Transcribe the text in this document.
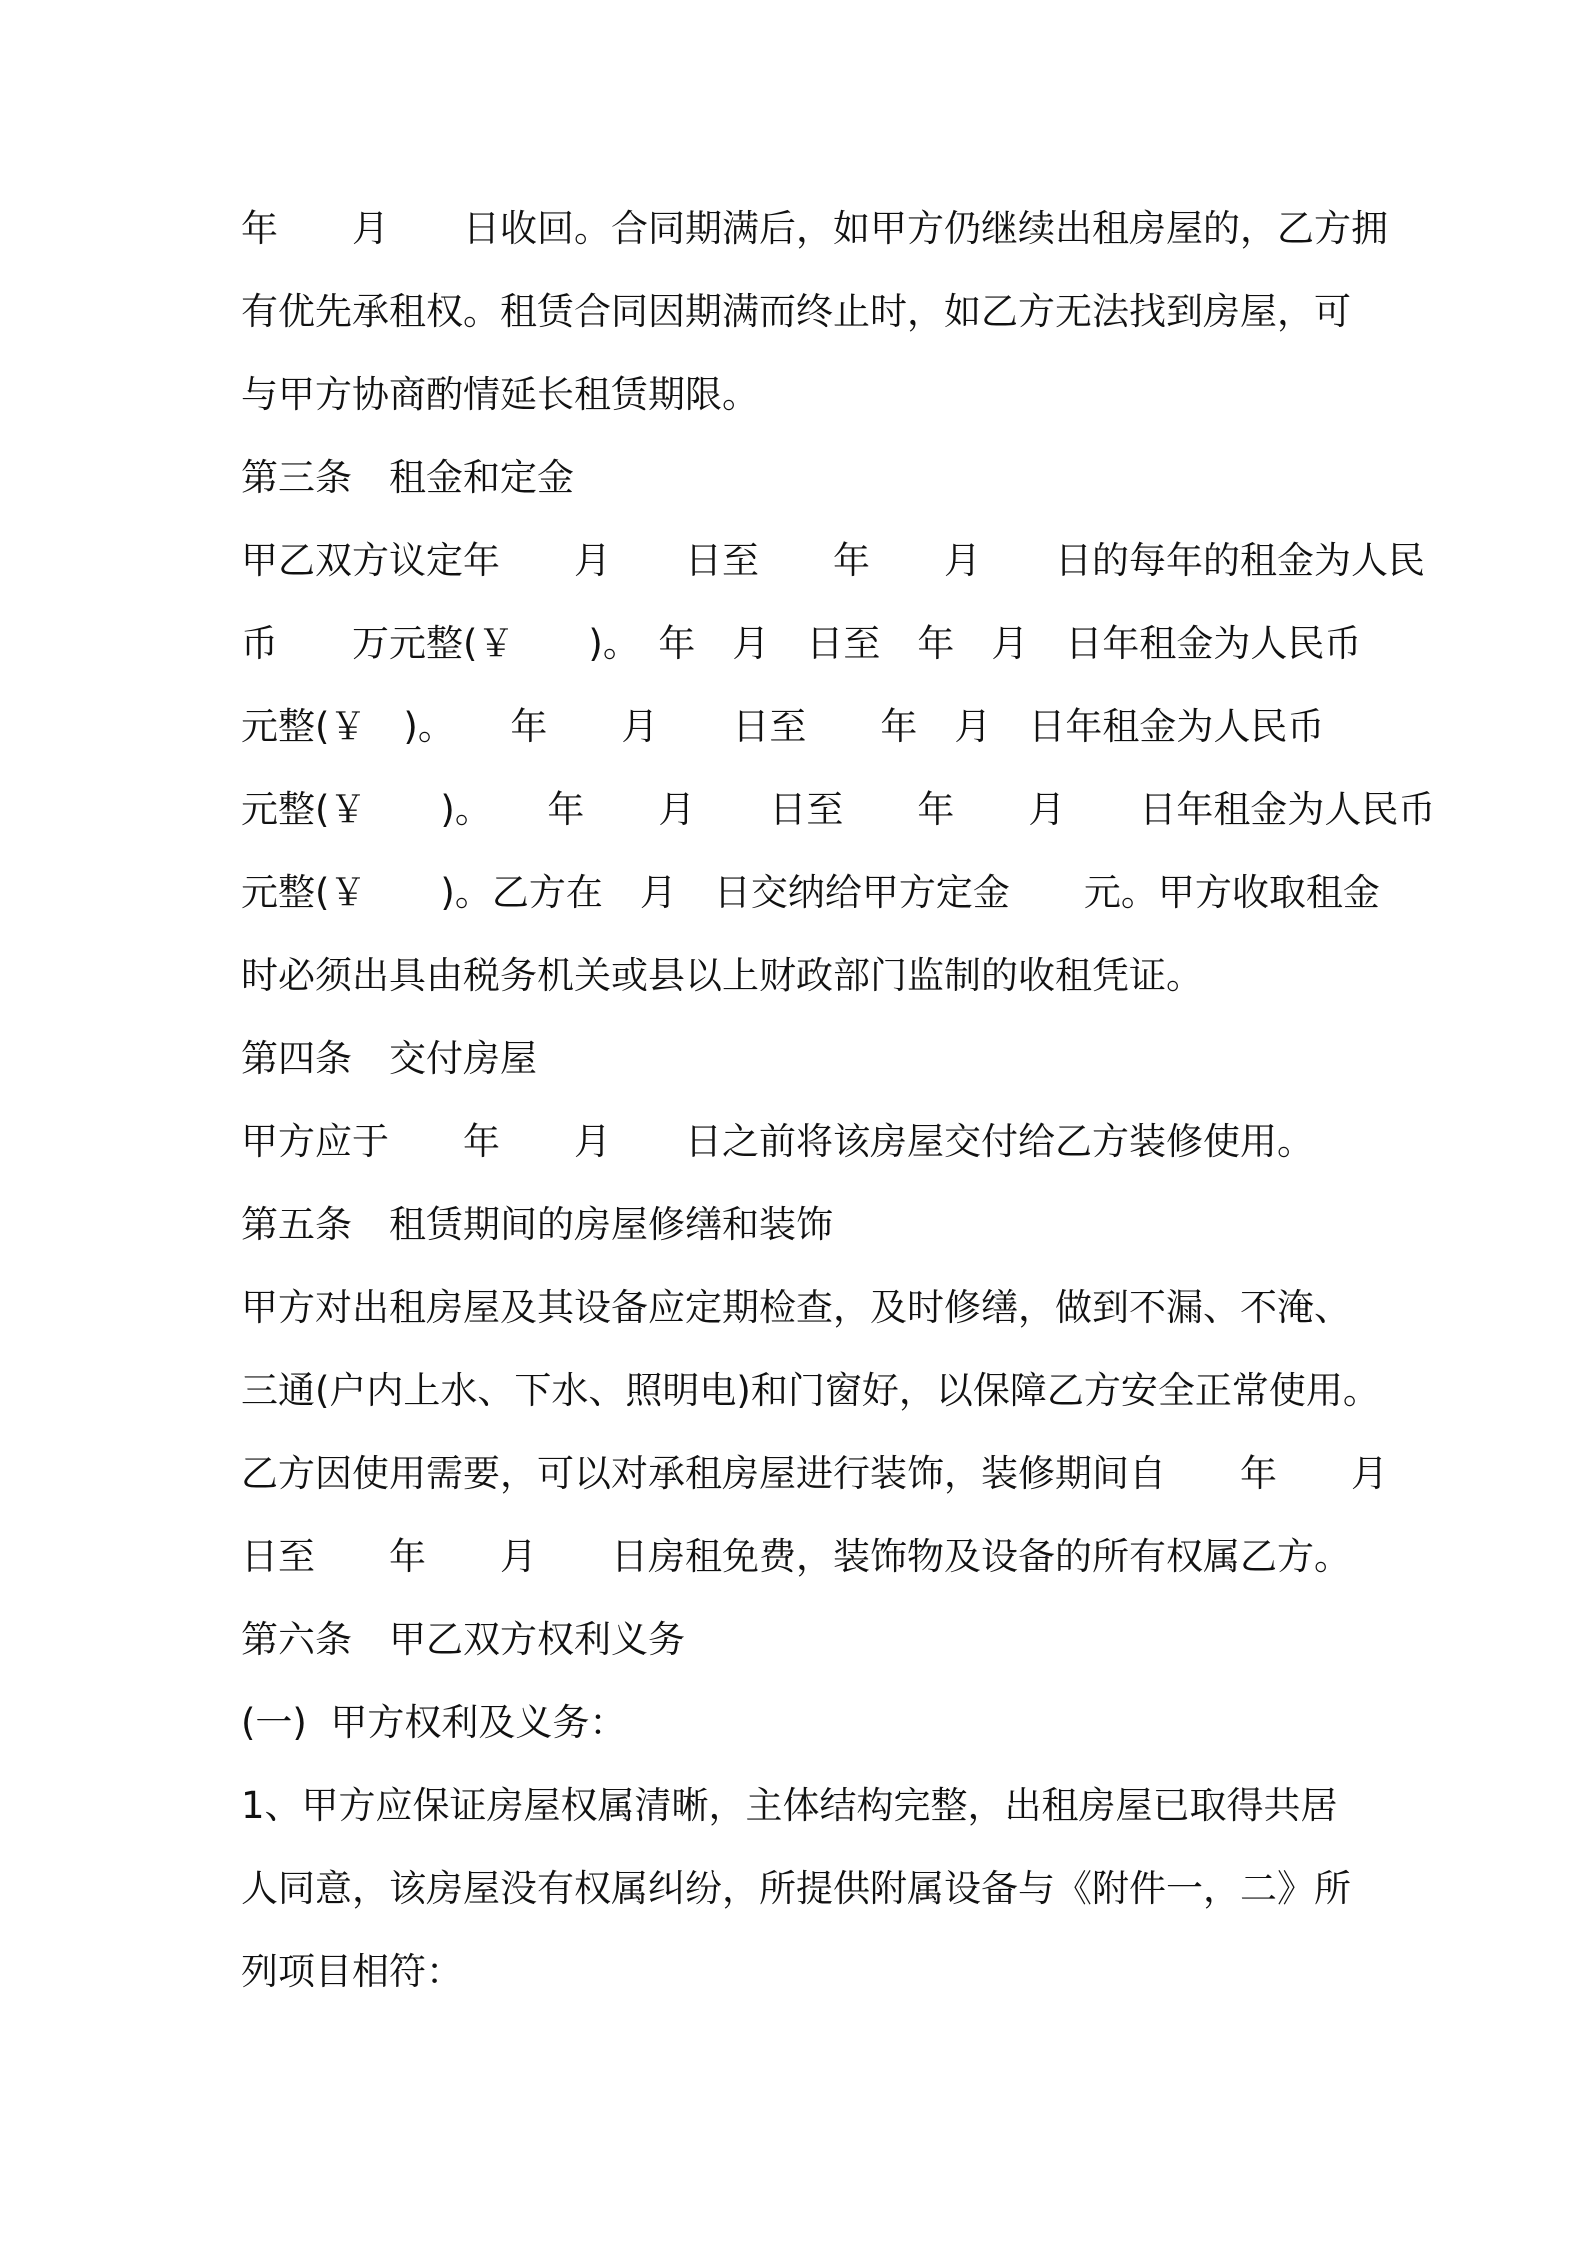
年　　月　　日收回。合同期满后，如甲方仍继续出租房屋的，乙方拥
有优先承租权。租赁合同因期满而终止时，如乙方无法找到房屋，可
与甲方协商酌情延长租赁期限。
第三条　租金和定金
甲乙双方议定年　　月　　日至　　年　　月　　日的每年的租金为人民
币　　万元整(￥　　)。　年　月　日至　年　月　日年租金为人民币
元整(￥　)。　　年　　月　　日至　　年　月　日年租金为人民币
元整(￥　　)。　　年　　月　　日至　　年　　月　　日年租金为人民币
元整(￥　　)。乙方在　月　日交纳给甲方定金　　元。甲方收取租金
时必须出具由税务机关或县以上财政部门监制的收租凭证。
第四条　交付房屋
甲方应于　　年　　月　　日之前将该房屋交付给乙方装修使用。
第五条　租赁期间的房屋修缮和装饰
甲方对出租房屋及其设备应定期检查，及时修缮，做到不漏、不淹、
三通(户内上水、下水、照明电)和门窗好，以保障乙方安全正常使用。
乙方因使用需要，可以对承租房屋进行装饰，装修期间自　　年　　月
日至　　年　　月　　日房租免费，装饰物及设备的所有权属乙方。
第六条　甲乙双方权利义务
(一)  甲方权利及义务：
1、甲方应保证房屋权属清晰，主体结构完整，出租房屋已取得共居
人同意，该房屋没有权属纠纷，所提供附属设备与《附件一，二》所
列项目相符：
